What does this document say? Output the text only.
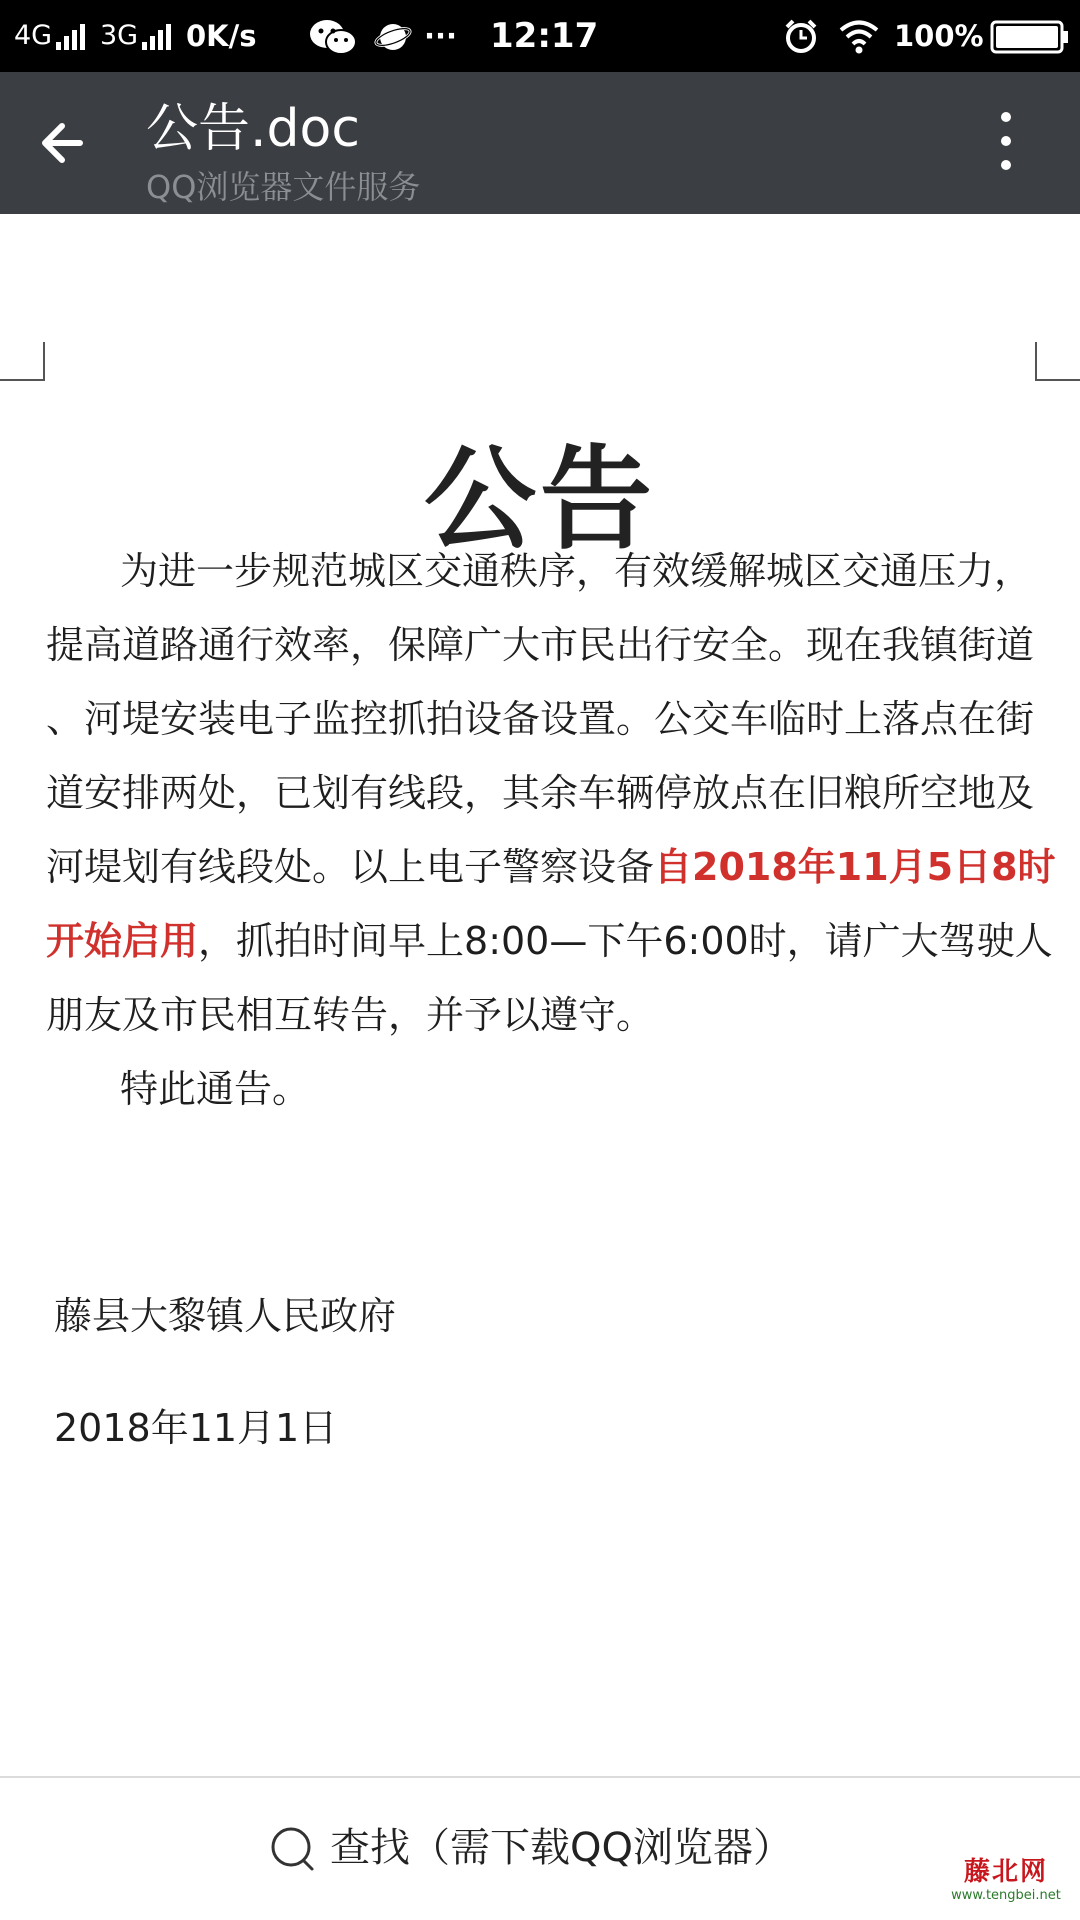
4G 3G 0K/s	··· 12:17	100%
公告.doc
QQ浏览器文件服务
公告
为进一步规范城区交通秩序，有效缓解城区交通压力，
提高道路通行效率，保障广大市民出行安全。现在我镇街道
、河堤安装电子监控抓拍设备设置。公交车临时上落点在街
道安排两处，已划有线段，其余车辆停放点在旧粮所空地及
河堤划有线段处。以上电子警察设备自2018年11月5日8时
开始启用，抓拍时间早上8:00—下午6:00时，请广大驾驶人
朋友及市民相互转告，并予以遵守。
特此通告。
藤县大黎镇人民政府
2018年11月1日
查找（需下载QQ浏览器）
藤北网
www.tengbei.net
